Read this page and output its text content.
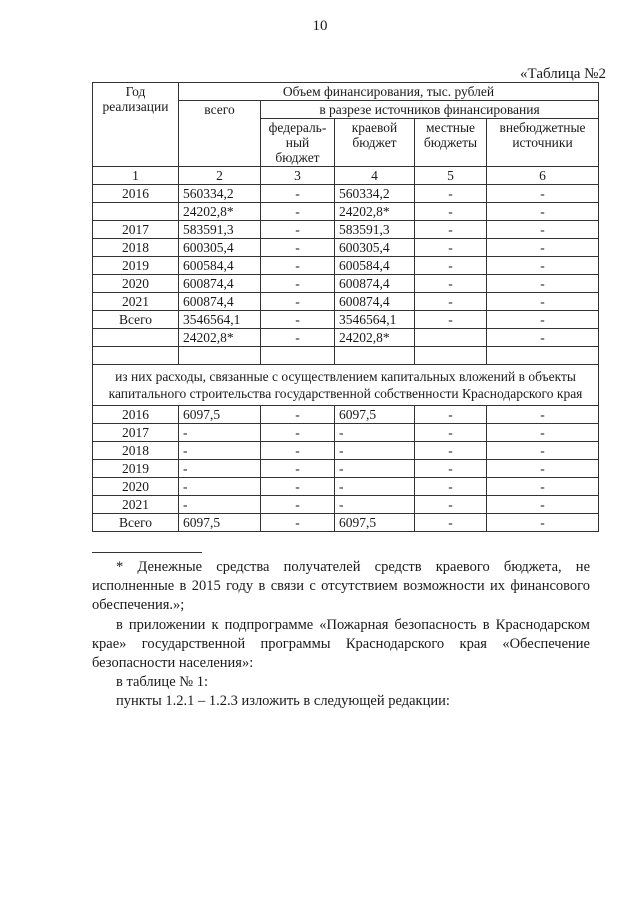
10
«Таблица №2
Год реализации	Объем финансирования, тыс. рублей				
	всего	в разрезе источников финансирования			
		федераль-ный бюджет	краевой бюджет	местные бюджеты	внебюджетные источники
1	2	3	4	5	6
2016	560334,2	-	560334,2	-	-
	24202,8*	-	24202,8*	-	-
2017	583591,3	-	583591,3	-	-
2018	600305,4	-	600305,4	-	-
2019	600584,4	-	600584,4	-	-
2020	600874,4	-	600874,4	-	-
2021	600874,4	-	600874,4	-	-
Всего	3546564,1	-	3546564,1	-	-
	24202,8*	-	24202,8*		-

из них расходы, связанные с осуществлением капитальных вложений в объекты капитального строительства государственной собственности Краснодарского края					
2016	6097,5	-	6097,5	-	-
2017	-	-	-	-	-
2018	-	-	-	-	-
2019	-	-	-	-	-
2020	-	-	-	-	-
2021	-	-	-	-	-
Всего	6097,5	-	6097,5	-	-
* Денежные средства получателей средств краевого бюджета, не исполненные в 2015 году в связи с отсутствием возможности их финансового обеспечения.»;
в приложении к подпрограмме «Пожарная безопасность в Краснодарском крае» государственной программы Краснодарского края «Обеспечение безопасности населения»:
в таблице № 1:
пункты 1.2.1 – 1.2.3 изложить в следующей редакции:
